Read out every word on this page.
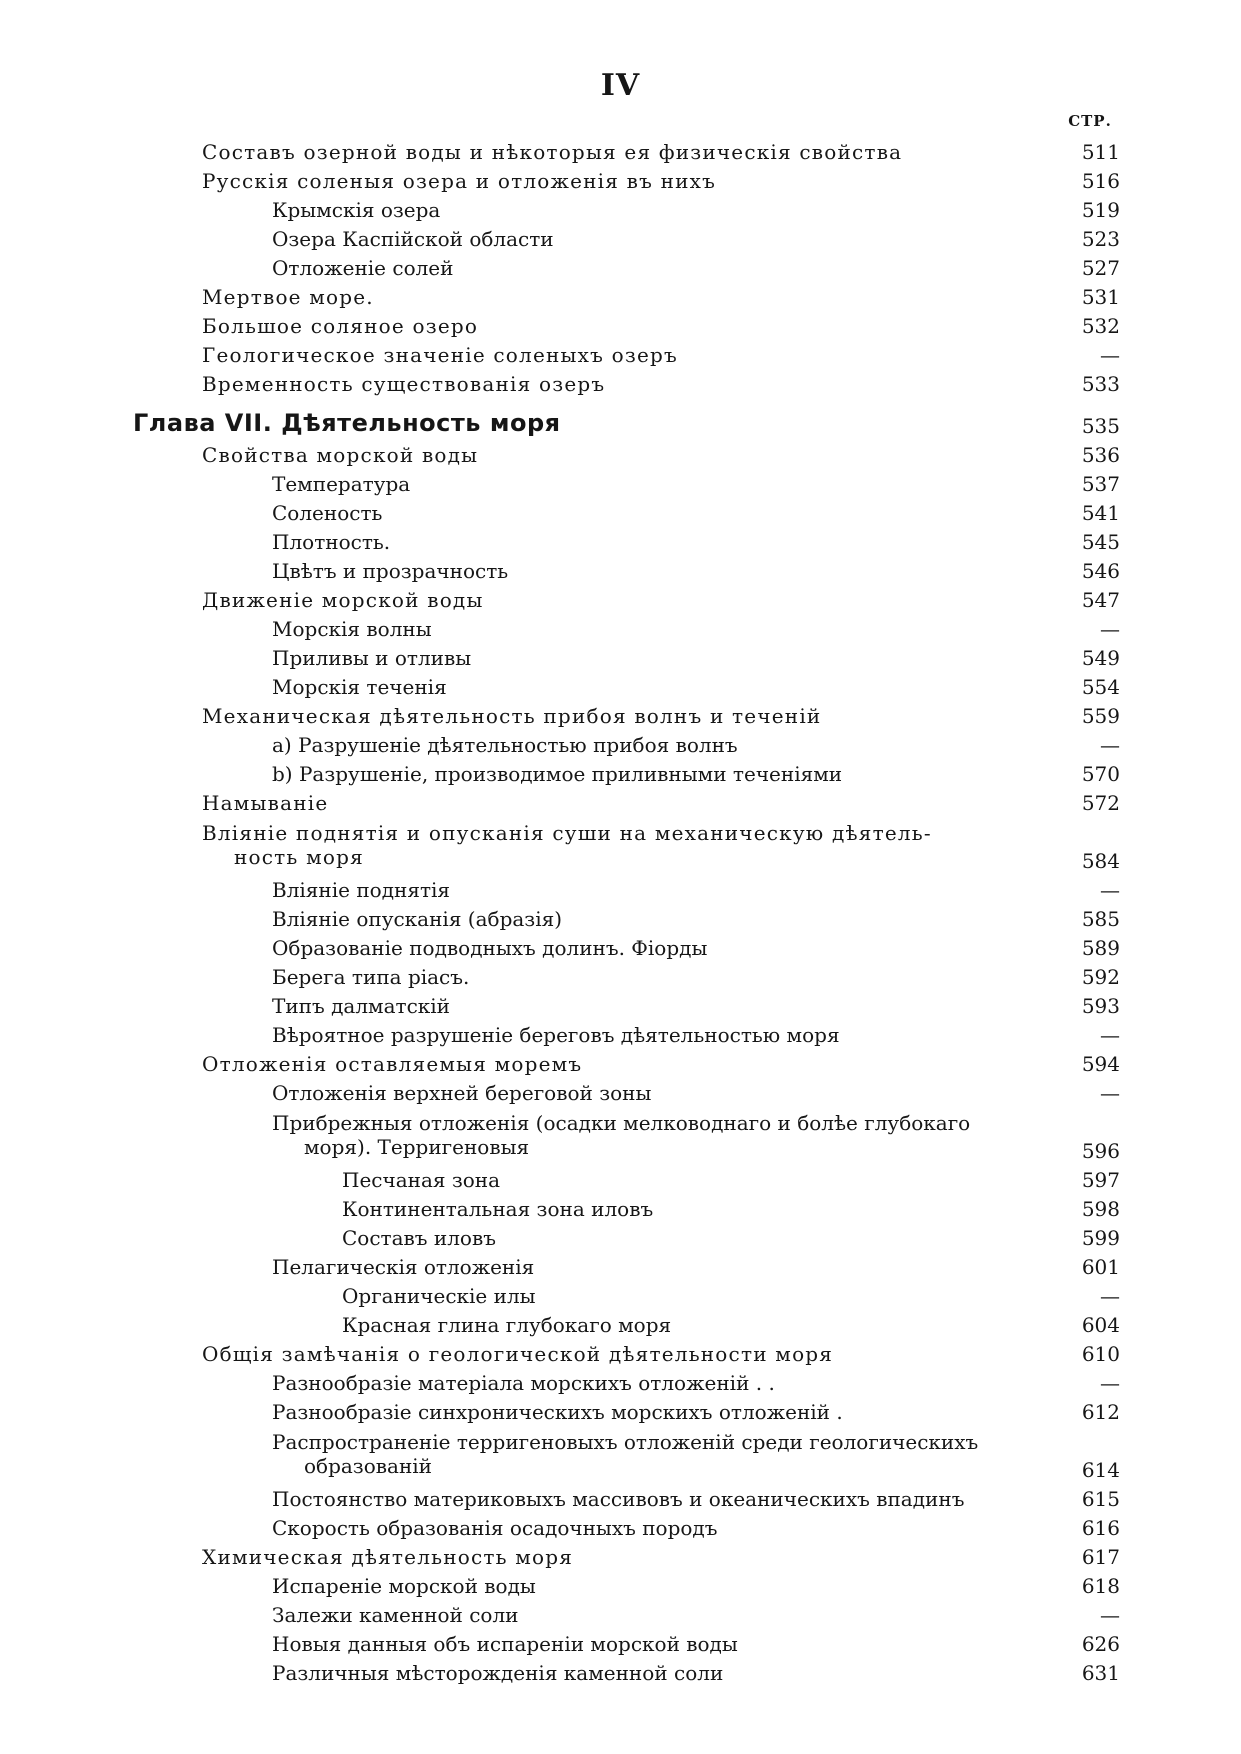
IV
СТР.
Составъ озерной воды и нѣкоторыя ея физическія свойства	511
Русскія соленыя озера и отложенія въ нихъ	516
Крымскія озера	519
Озера Каспійской области	523
Отложеніе солей	527
Мертвое море.	531
Большое соляное озеро	532
Геологическое значеніе соленыхъ озеръ	—
Временность существованія озеръ	533
Глава VII. Дѣятельность моря	535
Свойства морской воды	536
Температура	537
Соленость	541
Плотность.	545
Цвѣтъ и прозрачность	546
Движеніе морской воды	547
Морскія волны	—
Приливы и отливы	549
Морскія теченія	554
Механическая дѣятельность прибоя волнъ и теченій	559
a) Разрушеніе дѣятельностью прибоя волнъ	—
b) Разрушеніе, производимое приливными теченіями	570
Намываніе	572
Вліяніе поднятія и опусканія суши на механическую дѣятель-
ность моря	584
Вліяніе поднятія	—
Вліяніе опусканія (абразія)	585
Образованіе подводныхъ долинъ. Фіорды	589
Берега типа ріасъ.	592
Типъ далматскій	593
Вѣроятное разрушеніе береговъ дѣятельностью моря	—
Отложенія оставляемыя моремъ	594
Отложенія верхней береговой зоны	—
Прибрежныя отложенія (осадки мелководнаго и болѣе глубокаго
моря). Терригеновыя	596
Песчаная зона	597
Континентальная зона иловъ	598
Составъ иловъ	599
Пелагическія отложенія	601
Органическіе илы	—
Красная глина глубокаго моря	604
Общія замѣчанія о геологической дѣятельности моря	610
Разнообразіе матеріала морскихъ отложеній . .	—
Разнообразіе синхроническихъ морскихъ отложеній .	612
Распространеніе терригеновыхъ отложеній среди геологическихъ
образованій	614
Постоянство материковыхъ массивовъ и океаническихъ впадинъ	615
Скорость образованія осадочныхъ породъ	616
Химическая дѣятельность моря	617
Испареніе морской воды	618
Залежи каменной соли	—
Новыя данныя объ испареніи морской воды	626
Различныя мѣсторожденія каменной соли	631
